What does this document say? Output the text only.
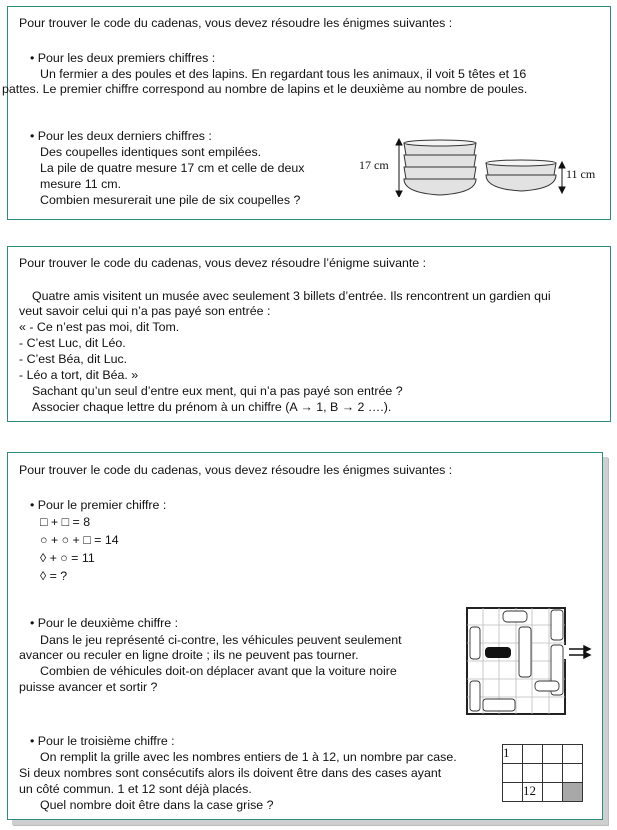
Pour trouver le code du cadenas, vous devez résoudre les énigmes suivantes :
• Pour les deux premiers chiffres :
Un fermier a des poules et des lapins. En regardant tous les animaux, il voit 5 têtes et 16
pattes. Le premier chiffre correspond au nombre de lapins et le deuxième au nombre de poules.
• Pour les deux derniers chiffres :
Des coupelles identiques sont empilées.
La pile de quatre mesure 17 cm et celle de deux
mesure 11 cm.
Combien mesurerait une pile de six coupelles ?
17 cm
11 cm
Pour trouver le code du cadenas, vous devez résoudre l’énigme suivante :
Quatre amis visitent un musée avec seulement 3 billets d’entrée. Ils rencontrent un gardien qui
veut savoir celui qui n’a pas payé son entrée :
« - Ce n’est pas moi, dit Tom.
- C’est Luc, dit Léo.
- C’est Béa, dit Luc.
- Léo a tort, dit Béa. »
Sachant qu’un seul d’entre eux ment, qui n’a pas payé son entrée ?
Associer chaque lettre du prénom à un chiffre (A → 1, B → 2 ….).
Pour trouver le code du cadenas, vous devez résoudre les énigmes suivantes :
• Pour le premier chiffre :
□ + □ = 8
○ + ○ + □ = 14
◊ + ○ = 11
◊ = ?
• Pour le deuxième chiffre :
Dans le jeu représenté ci-contre, les véhicules peuvent seulement
avancer ou reculer en ligne droite ; ils ne peuvent pas tourner.
Combien de véhicules doit-on déplacer avant que la voiture noire
puisse avancer et sortir ?
• Pour le troisième chiffre :
On remplit la grille avec les nombres entiers de 1 à 12, un nombre par case.
Si deux nombres sont consécutifs alors ils doivent être dans des cases ayant
un côté commun. 1 et 12 sont déjà placés.
Quel nombre doit être dans la case grise ?
1			

	12		
